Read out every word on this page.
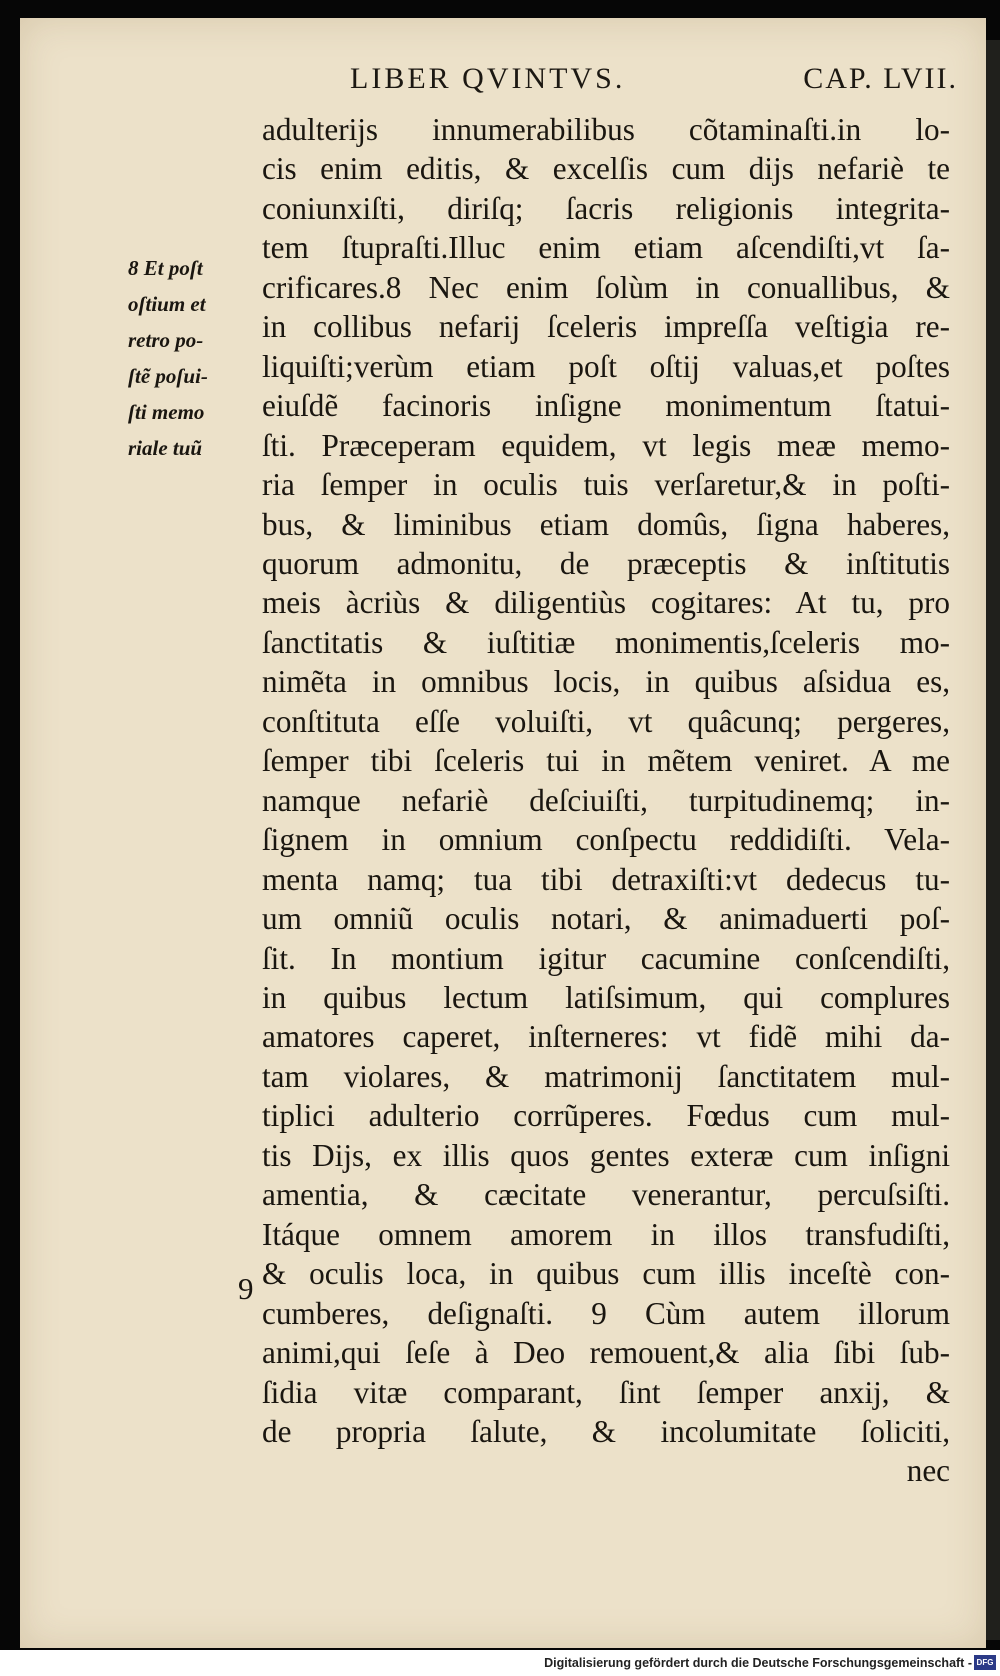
LIBER QVINTVS.	CAP. LVII.
8 Et poſt
oſtium et
retro po-
ſtẽ poſui-
ſti memo
riale tuũ
9
adulterijs innumerabilibus cõtaminaſti.in lo-
cis enim editis, & excelſis cum dijs nefariè te
coniunxiſti, diriſq; ſacris religionis integrita-
tem ſtupraſti.Illuc enim etiam aſcendiſti,vt ſa-
crificares.8 Nec enim ſolùm in conuallibus, &
in collibus nefarij ſceleris impreſſa veſtigia re-
liquiſti;verùm etiam poſt oſtij valuas,et poſtes
eiuſdẽ facinoris inſigne monimentum ſtatui-
ſti. Præceperam equidem, vt legis meæ memo-
ria ſemper in oculis tuis verſaretur,& in poſti-
bus, & liminibus etiam domûs, ſigna haberes,
quorum admonitu, de præceptis & inſtitutis
meis àcriùs & diligentiùs cogitares: At tu, pro
ſanctitatis & iuſtitiæ monimentis,ſceleris mo-
nimẽta in omnibus locis, in quibus aſsidua es,
conſtituta eſſe voluiſti, vt quâcunq; pergeres,
ſemper tibi ſceleris tui in mẽtem veniret. A me
namque nefariè deſciuiſti, turpitudinemq; in-
ſignem in omnium conſpectu reddidiſti. Vela-
menta namq; tua tibi detraxiſti:vt dedecus tu-
um omniũ oculis notari, & animaduerti poſ-
ſit. In montium igitur cacumine conſcendiſti,
in quibus lectum latiſsimum, qui complures
amatores caperet, inſterneres: vt fidẽ mihi da-
tam violares, & matrimonij ſanctitatem mul-
tiplici adulterio corrũperes. Fœdus cum mul-
tis Dijs, ex illis quos gentes exteræ cum inſigni
amentia, & cæcitate venerantur, percuſsiſti.
Itáque omnem amorem in illos transfudiſti,
& oculis loca, in quibus cum illis inceſtè con-
cumberes, deſignaſti. 9 Cùm autem illorum
animi,qui ſeſe à Deo remouent,& alia ſibi ſub-
ſidia vitæ comparant, ſint ſemper anxij, &
de propria ſalute, & incolumitate ſoliciti,
nec
Digitalisierung gefördert durch die Deutsche Forschungsgemeinschaft - DFG
